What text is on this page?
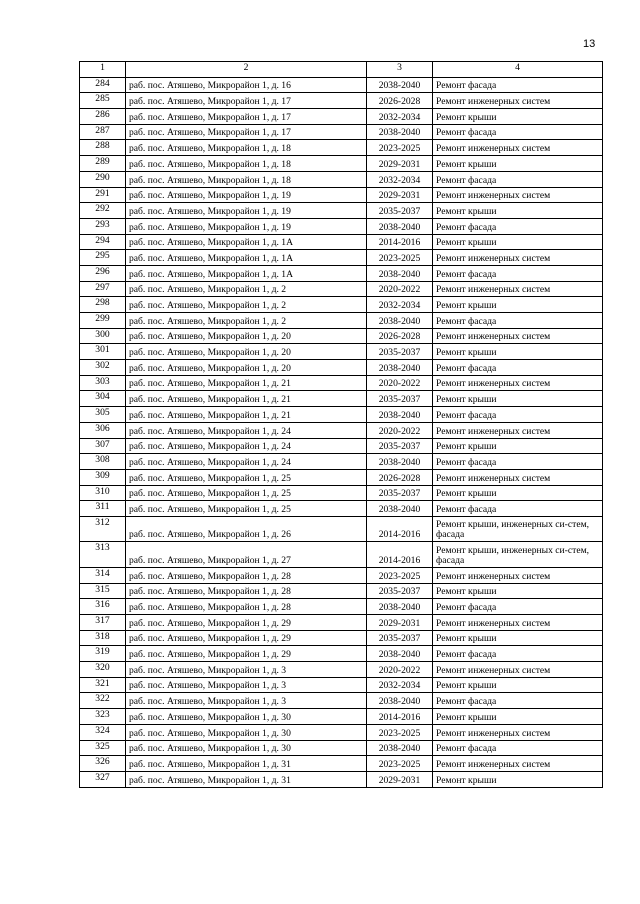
13
1	2	3	4
284	раб. пос. Атяшево, Микрорайон 1, д. 16	2038-2040	Ремонт фасада
285	раб. пос. Атяшево, Микрорайон 1, д. 17	2026-2028	Ремонт инженерных систем
286	раб. пос. Атяшево, Микрорайон 1, д. 17	2032-2034	Ремонт крыши
287	раб. пос. Атяшево, Микрорайон 1, д. 17	2038-2040	Ремонт фасада
288	раб. пос. Атяшево, Микрорайон 1, д. 18	2023-2025	Ремонт инженерных систем
289	раб. пос. Атяшево, Микрорайон 1, д. 18	2029-2031	Ремонт крыши
290	раб. пос. Атяшево, Микрорайон 1, д. 18	2032-2034	Ремонт фасада
291	раб. пос. Атяшево, Микрорайон 1, д. 19	2029-2031	Ремонт инженерных систем
292	раб. пос. Атяшево, Микрорайон 1, д. 19	2035-2037	Ремонт крыши
293	раб. пос. Атяшево, Микрорайон 1, д. 19	2038-2040	Ремонт фасада
294	раб. пос. Атяшево, Микрорайон 1, д. 1А	2014-2016	Ремонт крыши
295	раб. пос. Атяшево, Микрорайон 1, д. 1А	2023-2025	Ремонт инженерных систем
296	раб. пос. Атяшево, Микрорайон 1, д. 1А	2038-2040	Ремонт фасада
297	раб. пос. Атяшево, Микрорайон 1, д. 2	2020-2022	Ремонт инженерных систем
298	раб. пос. Атяшево, Микрорайон 1, д. 2	2032-2034	Ремонт крыши
299	раб. пос. Атяшево, Микрорайон 1, д. 2	2038-2040	Ремонт фасада
300	раб. пос. Атяшево, Микрорайон 1, д. 20	2026-2028	Ремонт инженерных систем
301	раб. пос. Атяшево, Микрорайон 1, д. 20	2035-2037	Ремонт крыши
302	раб. пос. Атяшево, Микрорайон 1, д. 20	2038-2040	Ремонт фасада
303	раб. пос. Атяшево, Микрорайон 1, д. 21	2020-2022	Ремонт инженерных систем
304	раб. пос. Атяшево, Микрорайон 1, д. 21	2035-2037	Ремонт крыши
305	раб. пос. Атяшево, Микрорайон 1, д. 21	2038-2040	Ремонт фасада
306	раб. пос. Атяшево, Микрорайон 1, д. 24	2020-2022	Ремонт инженерных систем
307	раб. пос. Атяшево, Микрорайон 1, д. 24	2035-2037	Ремонт крыши
308	раб. пос. Атяшево, Микрорайон 1, д. 24	2038-2040	Ремонт фасада
309	раб. пос. Атяшево, Микрорайон 1, д. 25	2026-2028	Ремонт инженерных систем
310	раб. пос. Атяшево, Микрорайон 1, д. 25	2035-2037	Ремонт крыши
311	раб. пос. Атяшево, Микрорайон 1, д. 25	2038-2040	Ремонт фасада
312	раб. пос. Атяшево, Микрорайон 1, д. 26	2014-2016	Ремонт крыши, инженерных си-стем, фасада
313	раб. пос. Атяшево, Микрорайон 1, д. 27	2014-2016	Ремонт крыши, инженерных си-стем, фасада
314	раб. пос. Атяшево, Микрорайон 1, д. 28	2023-2025	Ремонт инженерных систем
315	раб. пос. Атяшево, Микрорайон 1, д. 28	2035-2037	Ремонт крыши
316	раб. пос. Атяшево, Микрорайон 1, д. 28	2038-2040	Ремонт фасада
317	раб. пос. Атяшево, Микрорайон 1, д. 29	2029-2031	Ремонт инженерных систем
318	раб. пос. Атяшево, Микрорайон 1, д. 29	2035-2037	Ремонт крыши
319	раб. пос. Атяшево, Микрорайон 1, д. 29	2038-2040	Ремонт фасада
320	раб. пос. Атяшево, Микрорайон 1, д. 3	2020-2022	Ремонт инженерных систем
321	раб. пос. Атяшево, Микрорайон 1, д. 3	2032-2034	Ремонт крыши
322	раб. пос. Атяшево, Микрорайон 1, д. 3	2038-2040	Ремонт фасада
323	раб. пос. Атяшево, Микрорайон 1, д. 30	2014-2016	Ремонт крыши
324	раб. пос. Атяшево, Микрорайон 1, д. 30	2023-2025	Ремонт инженерных систем
325	раб. пос. Атяшево, Микрорайон 1, д. 30	2038-2040	Ремонт фасада
326	раб. пос. Атяшево, Микрорайон 1, д. 31	2023-2025	Ремонт инженерных систем
327	раб. пос. Атяшево, Микрорайон 1, д. 31	2029-2031	Ремонт крыши
